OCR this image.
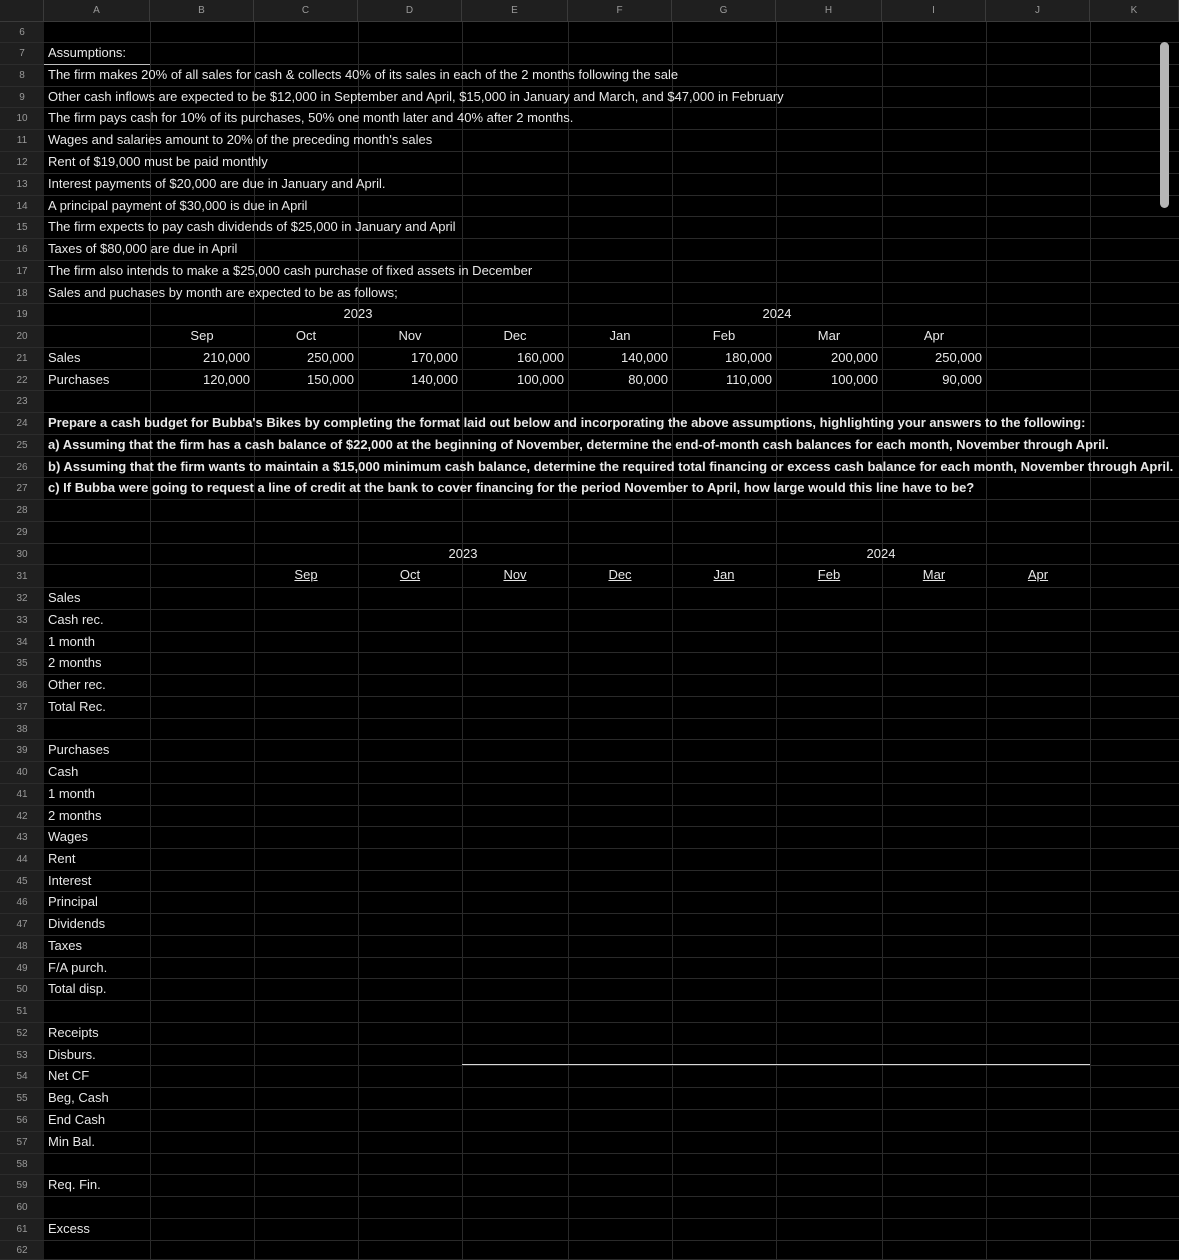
A	B	C	D	E	F	G	H	I	J	K
6
7
8
9
10
11
12
13
14
15
16
17
18
19
20
21
22
23
24
25
26
27
28
29
30
31
32
33
34
35
36
37
38
39
40
41
42
43
44
45
46
47
48
49
50
51
52
53
54
55
56
57
58
59
60
61
62
Assumptions:
The firm makes 20% of all sales for cash & collects 40% of its sales in each of the 2 months following the sale
Other cash inflows are expected to be $12,000 in September and April, $15,000 in January and March, and $47,000 in February
The firm pays cash for 10% of its purchases, 50% one month later and 40% after 2 months.
Wages and salaries amount to 20% of the preceding month's sales
Rent of $19,000 must be paid monthly
Interest payments of $20,000 are due in January and April.
A principal payment of $30,000 is due in April
The firm expects to pay cash dividends of $25,000 in January and April
Taxes of $80,000 are due in April
The firm also intends to make a $25,000 cash purchase of fixed assets in December
Sales and puchases by month are expected to be as follows;
2023	2024
Sep	Oct	Nov	Dec	Jan	Feb	Mar	Apr
Sales	210,000	250,000	170,000	160,000	140,000	180,000	200,000	250,000
Purchases	120,000	150,000	140,000	100,000	80,000	110,000	100,000	90,000
Prepare a cash budget for Bubba's Bikes by completing the format laid out below and incorporating the above assumptions, highlighting your answers to the following:
a) Assuming that the firm has a cash balance of $22,000 at the beginning of November, determine the end-of-month cash balances for each month, November through April.
b) Assuming that the firm wants to maintain a $15,000 minimum cash balance, determine the required total financing or excess cash balance for each month, November through April.
c) If Bubba were going to request a line of credit at the bank to cover financing for the period November to April, how large would this line have to be?
2023	2024
Sep	Oct	Nov	Dec	Jan	Feb	Mar	Apr
Sales
Cash rec.
1 month
2 months
Other rec.
Total Rec.
Purchases
Cash
1 month
2 months
Wages
Rent
Interest
Principal
Dividends
Taxes
F/A purch.
Total disp.
Receipts
Disburs.
Net CF
Beg, Cash
End Cash
Min Bal.
Req. Fin.
Excess
